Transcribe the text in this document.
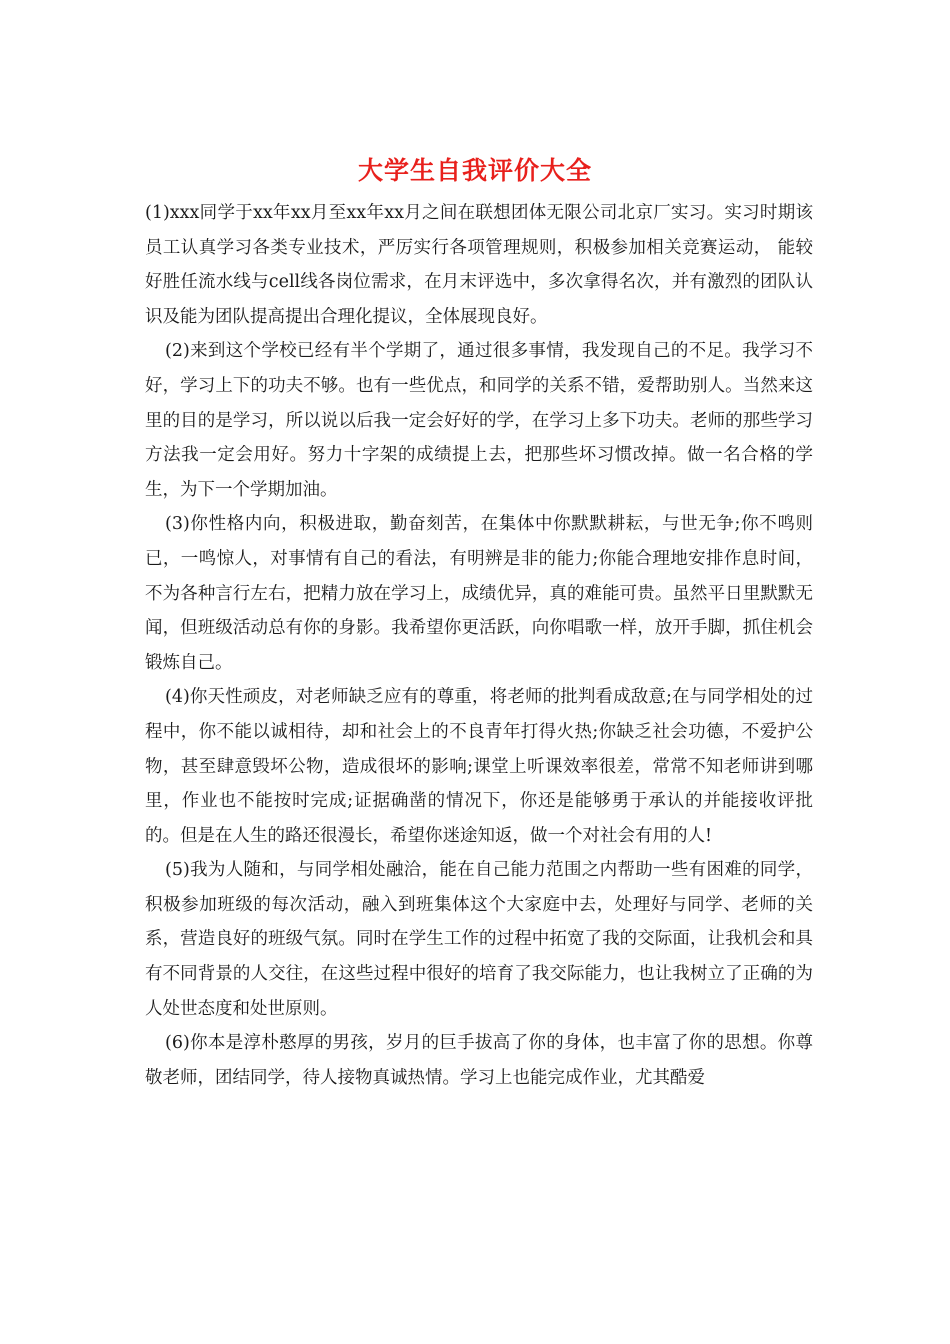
大学生自我评价大全

(1)xxx同学于xx年xx月至xx年xx月之间在联想团体无限公司北京厂实习。实习时期该员工认真学习各类专业技术，严厉实行各项管理规则，积极参加相关竞赛运动， 能较好胜任流水线与cell线各岗位需求，在月末评选中，多次拿得名次，并有激烈的团队认识及能为团队提高提出合理化提议，全体展现良好。

(2)来到这个学校已经有半个学期了，通过很多事情，我发现自己的不足。我学习不好，学习上下的功夫不够。也有一些优点，和同学的关系不错，爱帮助别人。当然来这里的目的是学习，所以说以后我一定会好好的学，在学习上多下功夫。老师的那些学习方法我一定会用好。努力十字架的成绩提上去，把那些坏习惯改掉。做一名合格的学生，为下一个学期加油。

(3)你性格内向，积极进取，勤奋刻苦，在集体中你默默耕耘，与世无争;你不鸣则已，一鸣惊人，对事情有自己的看法，有明辨是非的能力;你能合理地安排作息时间，不为各种言行左右，把精力放在学习上，成绩优异，真的难能可贵。虽然平日里默默无闻，但班级活动总有你的身影。我希望你更活跃，向你唱歌一样，放开手脚，抓住机会锻炼自己。

(4)你天性顽皮，对老师缺乏应有的尊重，将老师的批判看成敌意;在与同学相处的过程中，你不能以诚相待，却和社会上的不良青年打得火热;你缺乏社会功德，不爱护公物，甚至肆意毁坏公物，造成很坏的影响;课堂上听课效率很差，常常不知老师讲到哪里，作业也不能按时完成;证据确凿的情况下，你还是能够勇于承认的并能接收评批的。但是在人生的路还很漫长，希望你迷途知返，做一个对社会有用的人!

(5)我为人随和，与同学相处融洽，能在自己能力范围之内帮助一些有困难的同学，积极参加班级的每次活动，融入到班集体这个大家庭中去，处理好与同学、老师的关系，营造良好的班级气氛。同时在学生工作的过程中拓宽了我的交际面，让我机会和具有不同背景的人交往，在这些过程中很好的培育了我交际能力，也让我树立了正确的为人处世态度和处世原则。

(6)你本是淳朴憨厚的男孩，岁月的巨手拔高了你的身体，也丰富了你的思想。你尊敬老师，团结同学，待人接物真诚热情。学习上也能完成作业，尤其酷爱
